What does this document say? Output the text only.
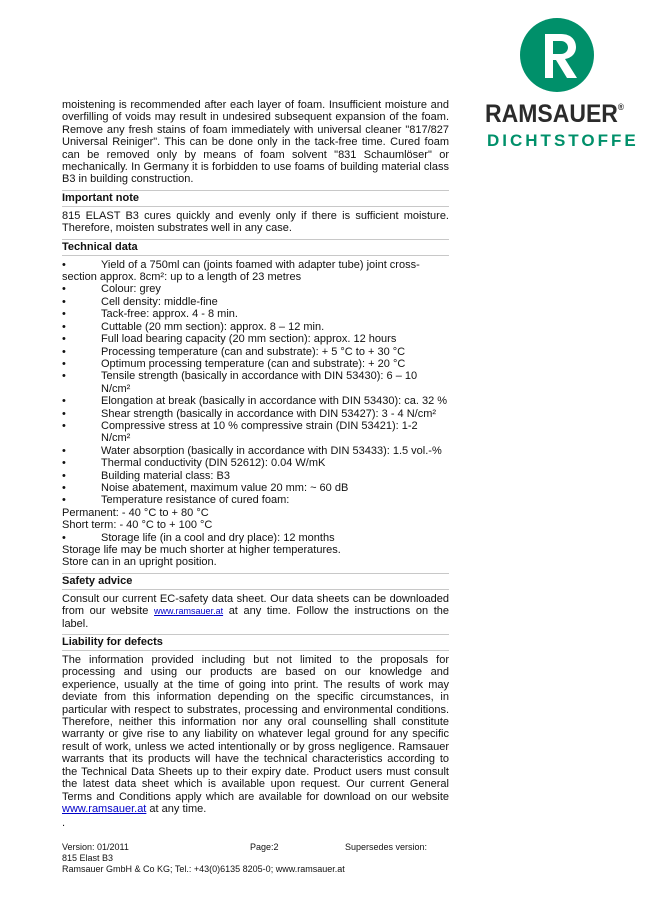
RAMSAUER®
DICHTSTOFFE

moistening is recommended after each layer of foam. Insufficient moisture and overfilling of voids may result in undesired subsequent expansion of the foam. Remove any fresh stains of foam immediately with universal cleaner "817/827 Universal Reiniger". This can be done only in the tack-free time. Cured foam can be removed only by means of foam solvent "831 Schaumlöser" or mechanically. In Germany it is forbidden to use foams of building material class B3 in building construction.

Important note

815 ELAST B3 cures quickly and evenly only if there is sufficient moisture. Therefore, moisten substrates well in any case.

Technical data
•	Yield of a 750ml can (joints foamed with adapter tube) joint cross-section approx. 8cm²: up to a length of 23 metres
•	Colour: grey
•	Cell density: middle-fine
•	Tack-free: approx. 4 - 8 min.
•	Cuttable (20 mm section): approx. 8 – 12 min.
•	Full load bearing capacity (20 mm section): approx. 12 hours
•	Processing temperature (can and substrate): + 5 °C to + 30 °C
•	Optimum processing temperature (can and substrate): + 20 °C
•	Tensile strength (basically in accordance with DIN 53430): 6 – 10 N/cm²
•	Elongation at break (basically in accordance with DIN 53430): ca. 32 %
•	Shear strength (basically in accordance with DIN 53427): 3 - 4 N/cm²
•	Compressive stress at 10 % compressive strain (DIN 53421): 1-2 N/cm²
•	Water absorption (basically in accordance with DIN 53433): 1.5 vol.-%
•	Thermal conductivity (DIN 52612): 0.04 W/mK
•	Building material class: B3
•	Noise abatement, maximum value 20 mm: ~ 60 dB
•	Temperature resistance of cured foam:
Permanent: - 40 °C to + 80 °C
Short term: - 40 °C to + 100 °C
•	Storage life (in a cool and dry place): 12 months
Storage life may be much shorter at higher temperatures.
Store can in an upright position.
Safety advice

Consult our current EC-safety data sheet. Our data sheets can be downloaded from our website www.ramsauer.at at any time. Follow the instructions on the label.

Liability for defects

The information provided including but not limited to the proposals for processing and using our products are based on our knowledge and experience, usually at the time of going into print. The results of work may deviate from this information depending on the specific circumstances, in particular with respect to substrates, processing and environmental conditions. Therefore, neither this information nor any oral counselling shall constitute warranty or give rise to any liability on whatever legal ground for any specific result of work, unless we acted intentionally or by gross negligence. Ramsauer warrants that its products will have the technical characteristics according to the Technical Data Sheets up to their expiry date. Product users must consult the latest data sheet which is available upon request. Our current General Terms and Conditions apply which are available for download on our website www.ramsauer.at at any time.

.
Version: 01/2011	Page:2	Supersedes version:
815 Elast B3
Ramsauer GmbH & Co KG; Tel.: +43(0)6135 8205-0; www.ramsauer.at
